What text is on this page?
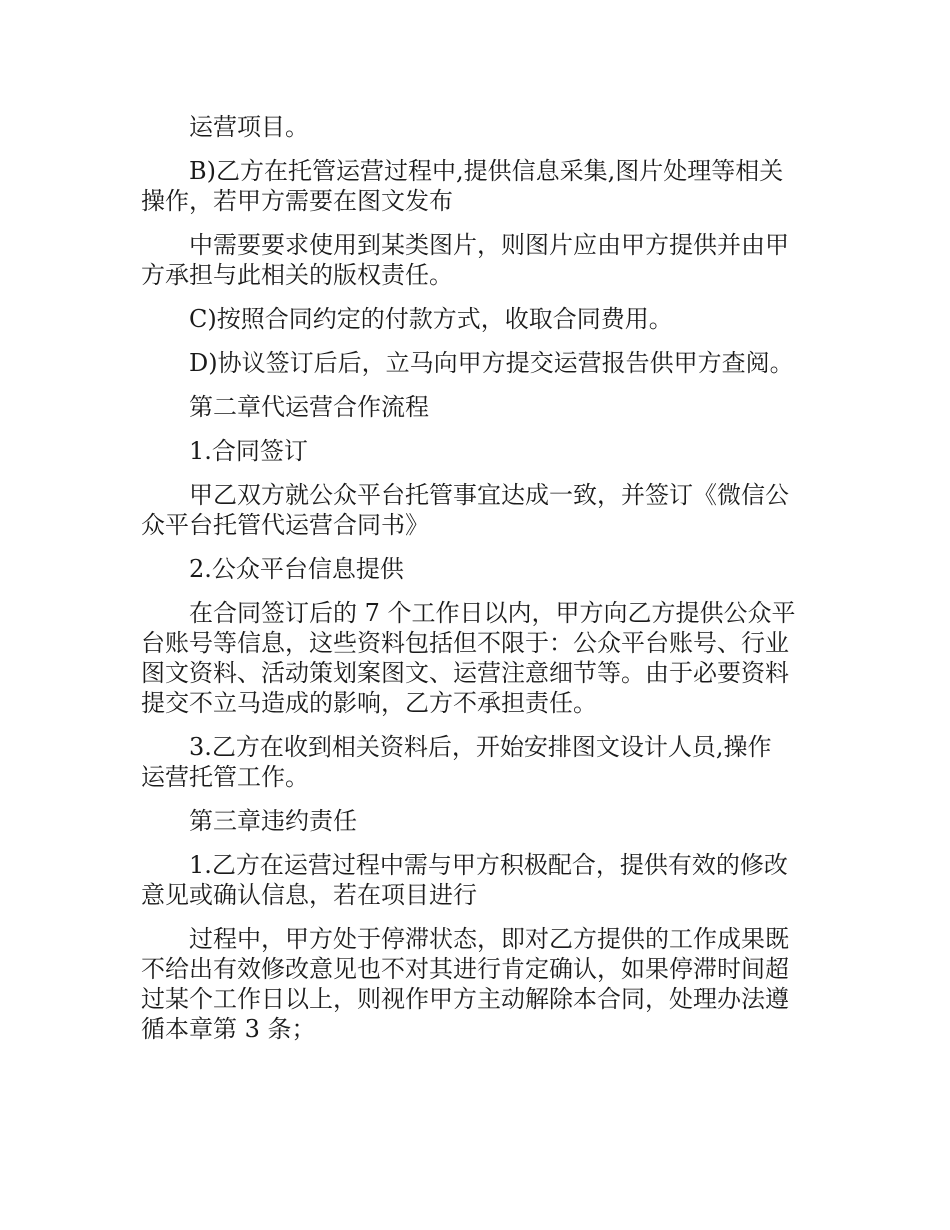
运营项目。

B)乙方在托管运营过程中,提供信息采集,图片处理等相关
操作，若甲方需要在图文发布

中需要要求使用到某类图片，则图片应由甲方提供并由甲
方承担与此相关的版权责任。

C)按照合同约定的付款方式，收取合同费用。

D)协议签订后后，立马向甲方提交运营报告供甲方查阅。

第二章代运营合作流程

1.合同签订

甲乙双方就公众平台托管事宜达成一致，并签订《微信公
众平台托管代运营合同书》

2.公众平台信息提供

在合同签订后的 7 个工作日以内，甲方向乙方提供公众平
台账号等信息，这些资料包括但不限于：公众平台账号、行业
图文资料、活动策划案图文、运营注意细节等。由于必要资料
提交不立马造成的影响，乙方不承担责任。

3.乙方在收到相关资料后，开始安排图文设计人员,操作
运营托管工作。

第三章违约责任

1.乙方在运营过程中需与甲方积极配合，提供有效的修改
意见或确认信息，若在项目进行

过程中，甲方处于停滞状态，即对乙方提供的工作成果既
不给出有效修改意见也不对其进行肯定确认，如果停滞时间超
过某个工作日以上，则视作甲方主动解除本合同，处理办法遵
循本章第 3 条；
